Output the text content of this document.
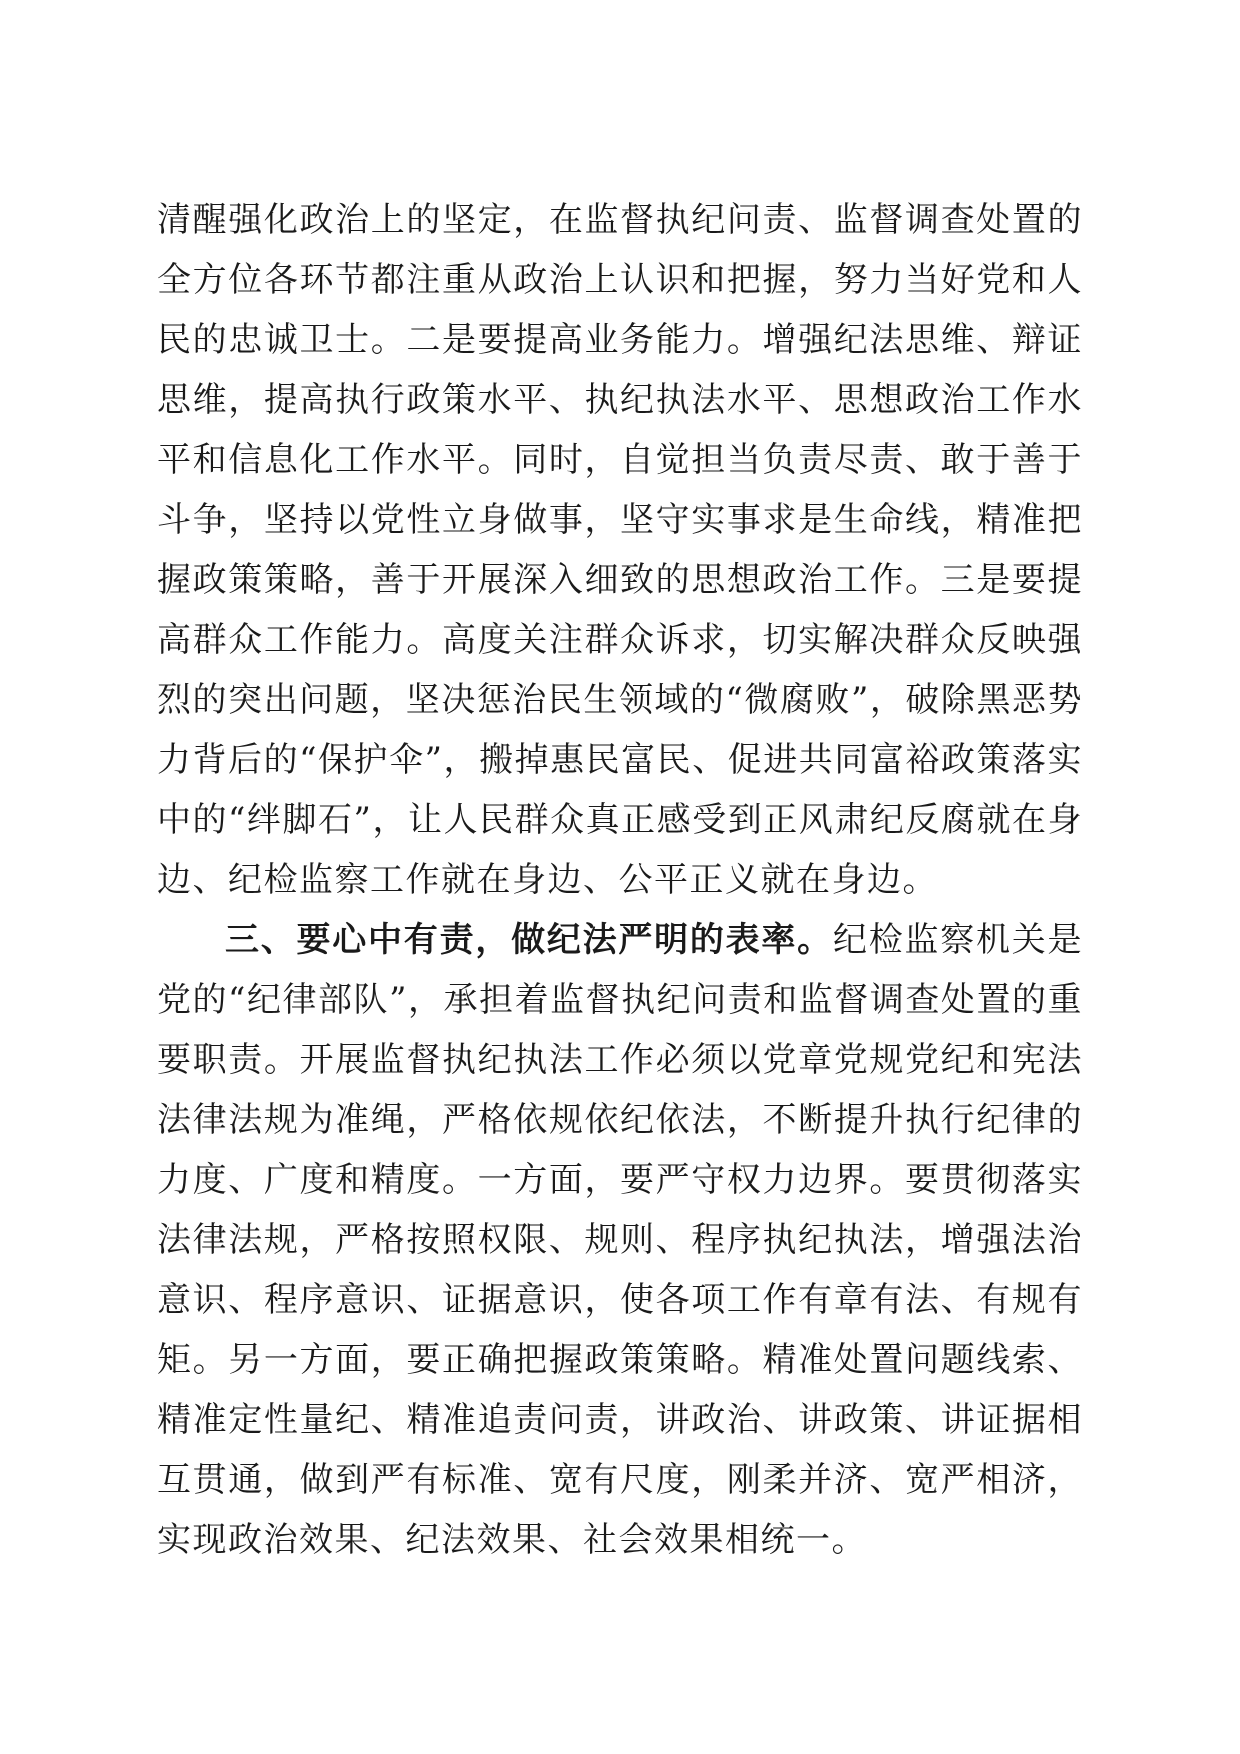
清醒强化政治上的坚定，在监督执纪问责、监督调查处置的全方位各环节都注重从政治上认识和把握，努力当好党和人民的忠诚卫士。二是要提高业务能力。增强纪法思维、辩证思维，提高执行政策水平、执纪执法水平、思想政治工作水平和信息化工作水平。同时，自觉担当负责尽责、敢于善于斗争，坚持以党性立身做事，坚守实事求是生命线，精准把握政策策略，善于开展深入细致的思想政治工作。三是要提高群众工作能力。高度关注群众诉求，切实解决群众反映强烈的突出问题，坚决惩治民生领域的“微腐败”，破除黑恶势力背后的“保护伞”，搬掉惠民富民、促进共同富裕政策落实中的“绊脚石”，让人民群众真正感受到正风肃纪反腐就在身边、纪检监察工作就在身边、公平正义就在身边。

三、要心中有责，做纪法严明的表率。纪检监察机关是党的“纪律部队”，承担着监督执纪问责和监督调查处置的重要职责。开展监督执纪执法工作必须以党章党规党纪和宪法法律法规为准绳，严格依规依纪依法，不断提升执行纪律的力度、广度和精度。一方面，要严守权力边界。要贯彻落实法律法规，严格按照权限、规则、程序执纪执法，增强法治意识、程序意识、证据意识，使各项工作有章有法、有规有矩。另一方面，要正确把握政策策略。精准处置问题线索、精准定性量纪、精准追责问责，讲政治、讲政策、讲证据相互贯通，做到严有标准、宽有尺度，刚柔并济、宽严相济，实现政治效果、纪法效果、社会效果相统一。
